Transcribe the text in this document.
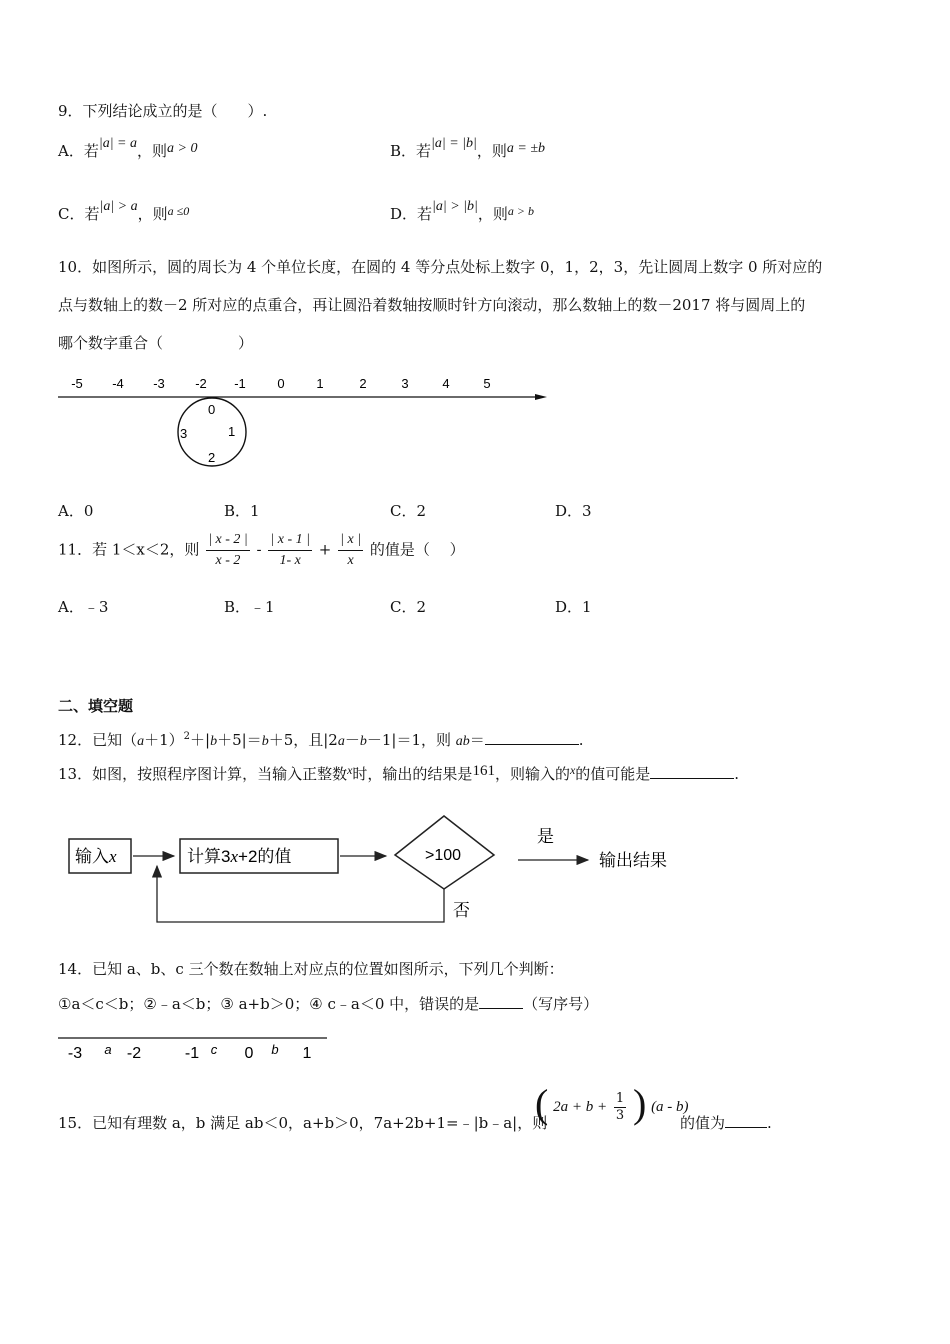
9．下列结论成立的是（　　）.
A．若|a| = a，则a > 0	B．若|a| = |b|，则a = ±b
C．若|a| > a，则$^{a \le 0}$	D．若|a| > |b|，则$^{a > b}$
10．如图所示，圆的周长为 4 个单位长度，在圆的 4 等分点处标上数字 0，1，2，3，先让圆周上数字 0 所对应的
点与数轴上的数－2 所对应的点重合，再让圆沿着数轴按顺时针方向滚动，那么数轴上的数－2017 将与圆周上的
哪个数字重合（　　　　　）
-5 -4 -3 -2 -1 0 1	2	3	4	5
0
1
2
3
A．0	B．1	C．2	D．3
11．若 1＜x＜2，则 $\frac{| x - 2 |}{x - 2} - \frac{| x - 1 |}{1- x} + \frac{| x |}{x}$ 的值是（　 ）
A．﹣3	B．﹣1	C．2	D．1
二、填空题
12．已知$(a+1)^2+|b+5|=b+5$，且|2a－b－1|＝1，则 ab＝	.
13．如图，按照程序图计算，当输入正整数$^x$时，输出的结果是161，则输入的$^x$的值可能是	.
输入x	计算3x+2的值	>100
是
输出结果
否
14．已知 a、b、c 三个数在数轴上对应点的位置如图所示，下列几个判断：
①a＜c＜b；②﹣a＜b；③ a+b＞0；④ c﹣a＜0 中，错误的是	（写序号）
-3 a -2	-1 c 0 b 1
15．已知有理数 a，b 满足 ab＜0，a+b＞0，7a+2b+1=﹣|b﹣a|，则
( $2a + b + \frac{1}{3}$ ) (a - b)
的值为	.
